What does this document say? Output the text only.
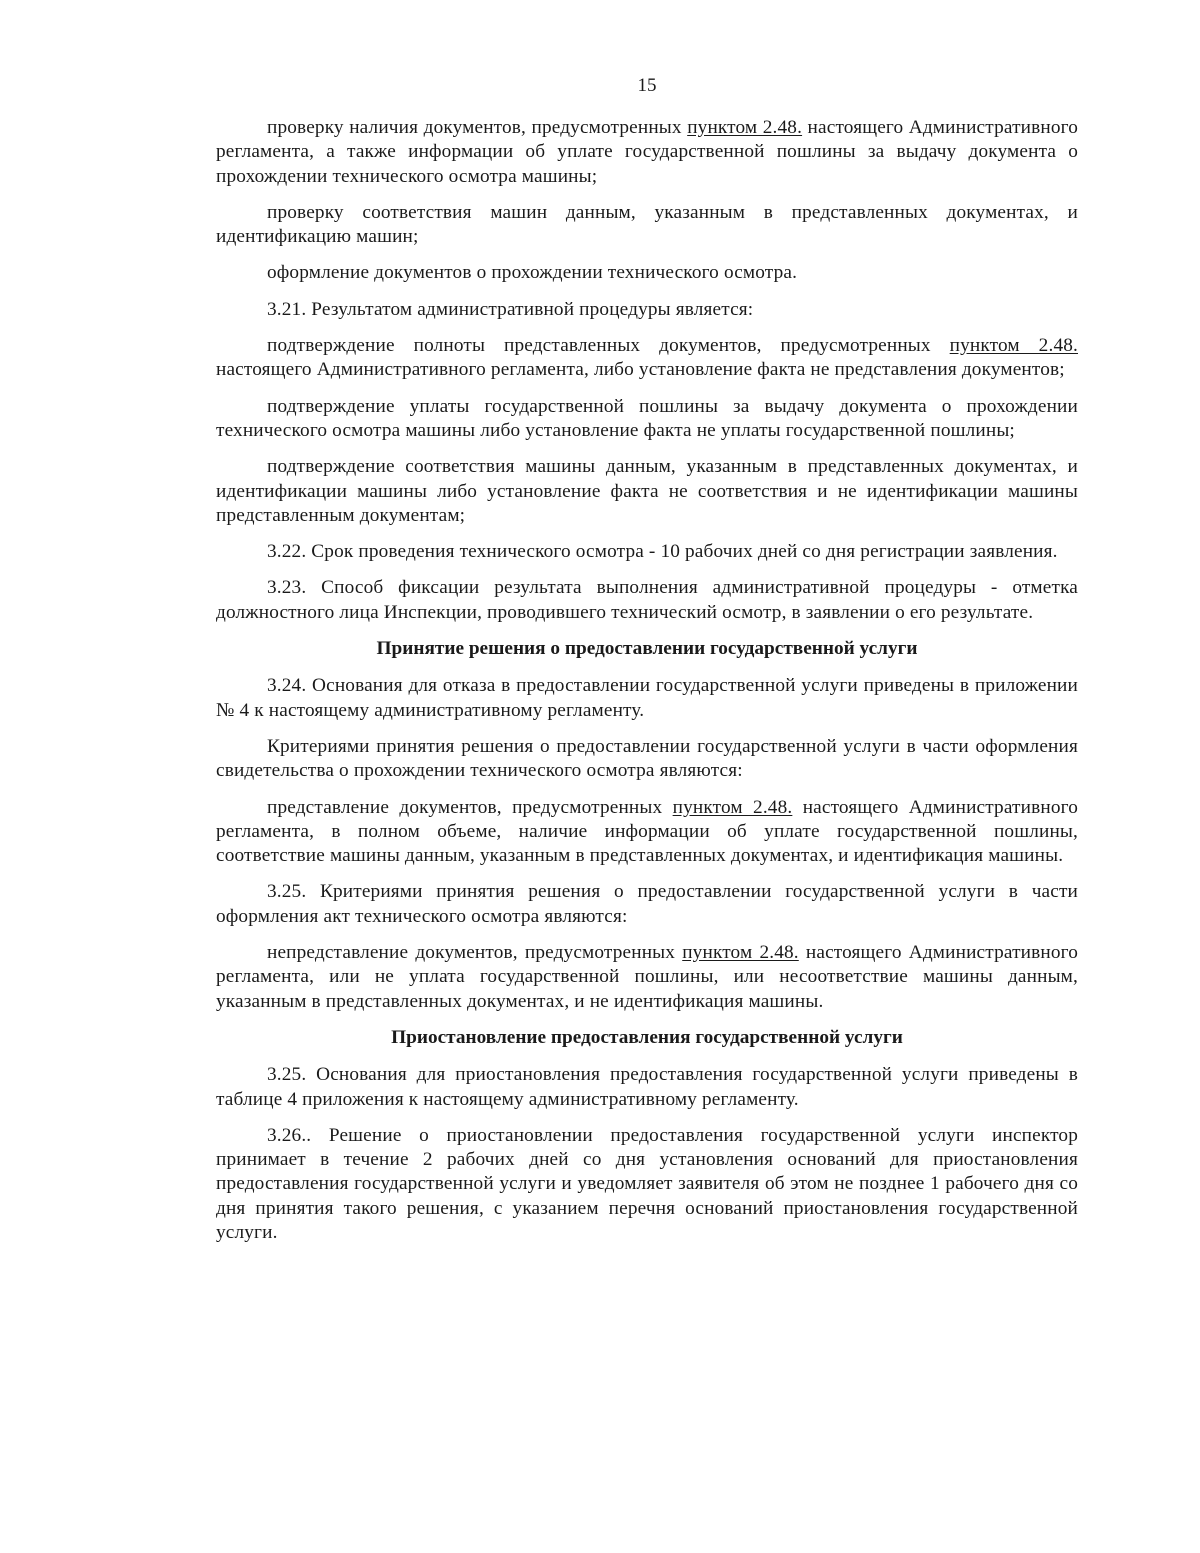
15

проверку наличия документов, предусмотренных пунктом 2.48. настоящего Административного регламента, а также информации об уплате государственной пошлины за выдачу документа о прохождении технического осмотра машины;

проверку соответствия машин данным, указанным в представленных документах, и идентификацию машин;

оформление документов о прохождении технического осмотра.

3.21. Результатом административной процедуры является:

подтверждение полноты представленных документов, предусмотренных пунктом 2.48. настоящего Административного регламента, либо установление факта не представления документов;

подтверждение уплаты государственной пошлины за выдачу документа о прохождении технического осмотра машины либо установление факта не уплаты государственной пошлины;

подтверждение соответствия машины данным, указанным в представленных документах, и идентификации машины либо установление факта не соответствия и не идентификации машины представленным документам;

3.22. Срок проведения технического осмотра - 10 рабочих дней со дня регистрации заявления.

3.23. Способ фиксации результата выполнения административной процедуры - отметка должностного лица Инспекции, проводившего технический осмотр, в заявлении о его результате.

Принятие решения о предоставлении государственной услуги

3.24. Основания для отказа в предоставлении государственной услуги приведены в приложении № 4 к настоящему административному регламенту.

Критериями принятия решения о предоставлении государственной услуги в части оформления свидетельства о прохождении технического осмотра являются:

представление документов, предусмотренных пунктом 2.48. настоящего Административного регламента, в полном объеме, наличие информации об уплате государственной пошлины, соответствие машины данным, указанным в представленных документах, и идентификация машины.

3.25. Критериями принятия решения о предоставлении государственной услуги в части оформления акт технического осмотра являются:

непредставление документов, предусмотренных пунктом 2.48. настоящего Административного регламента, или не уплата государственной пошлины, или несоответствие машины данным, указанным в представленных документах, и не идентификация машины.

Приостановление предоставления государственной услуги

3.25. Основания для приостановления предоставления государственной услуги приведены в таблице 4 приложения к настоящему административному регламенту.

3.26.. Решение о приостановлении предоставления государственной услуги инспектор принимает в течение 2 рабочих дней со дня установления оснований для приостановления предоставления государственной услуги и уведомляет заявителя об этом не позднее 1 рабочего дня со дня принятия такого решения, с указанием перечня оснований приостановления государственной услуги.
